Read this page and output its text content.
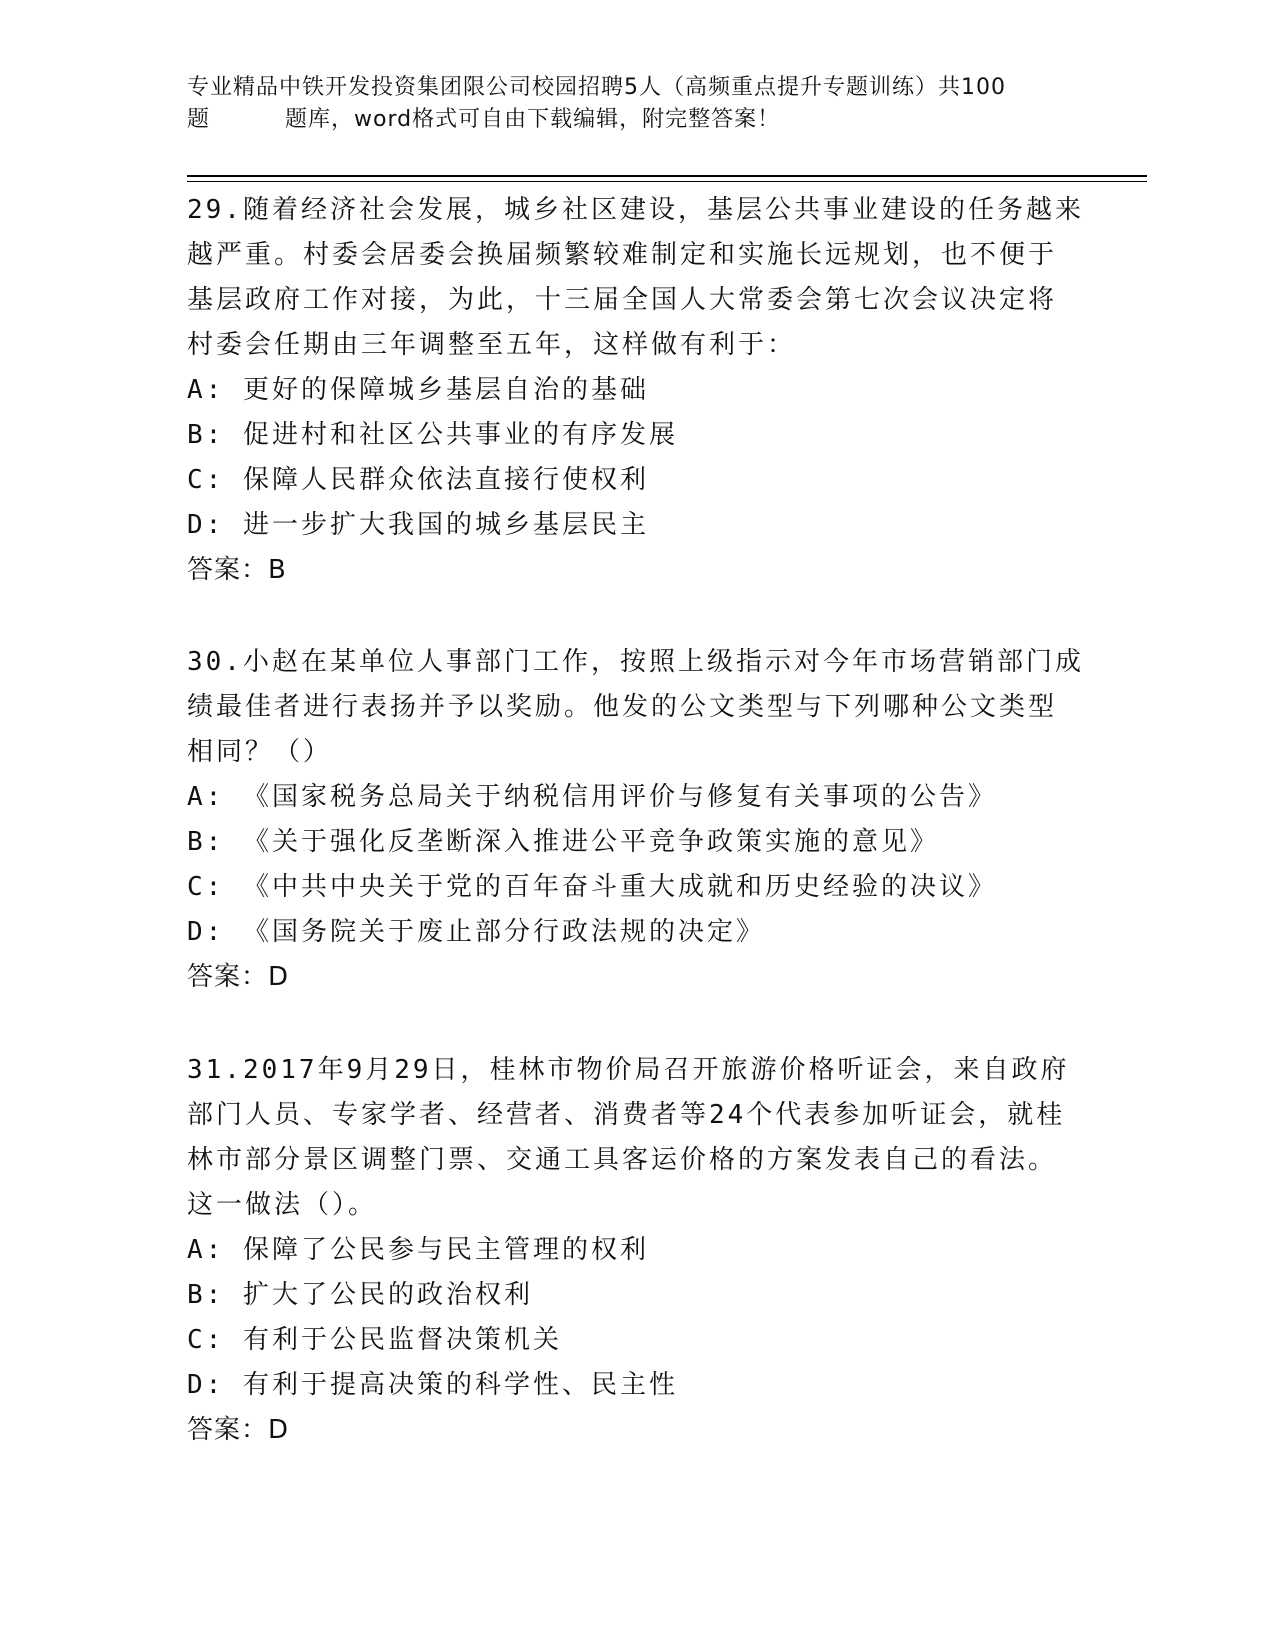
专业精品中铁开发投资集团限公司校园招聘5人（高频重点提升专题训练）共100
题	题库，word格式可自由下载编辑，附完整答案！
29.随着经济社会发展，城乡社区建设，基层公共事业建设的任务越来
越严重。村委会居委会换届频繁较难制定和实施长远规划，也不便于
基层政府工作对接，为此，十三届全国人大常委会第七次会议决定将
村委会任期由三年调整至五年，这样做有利于：
A: 更好的保障城乡基层自治的基础
B: 促进村和社区公共事业的有序发展
C: 保障人民群众依法直接行使权利
D: 进一步扩大我国的城乡基层民主
答案：B
30.小赵在某单位人事部门工作，按照上级指示对今年市场营销部门成
绩最佳者进行表扬并予以奖励。他发的公文类型与下列哪种公文类型
相同？（）
A: 《国家税务总局关于纳税信用评价与修复有关事项的公告》
B: 《关于强化反垄断深入推进公平竞争政策实施的意见》
C: 《中共中央关于党的百年奋斗重大成就和历史经验的决议》
D: 《国务院关于废止部分行政法规的决定》
答案：D
31.2017年9月29日，桂林市物价局召开旅游价格听证会，来自政府
部门人员、专家学者、经营者、消费者等24个代表参加听证会，就桂
林市部分景区调整门票、交通工具客运价格的方案发表自己的看法。
这一做法（）。
A: 保障了公民参与民主管理的权利
B: 扩大了公民的政治权利
C: 有利于公民监督决策机关
D: 有利于提高决策的科学性、民主性
答案：D
